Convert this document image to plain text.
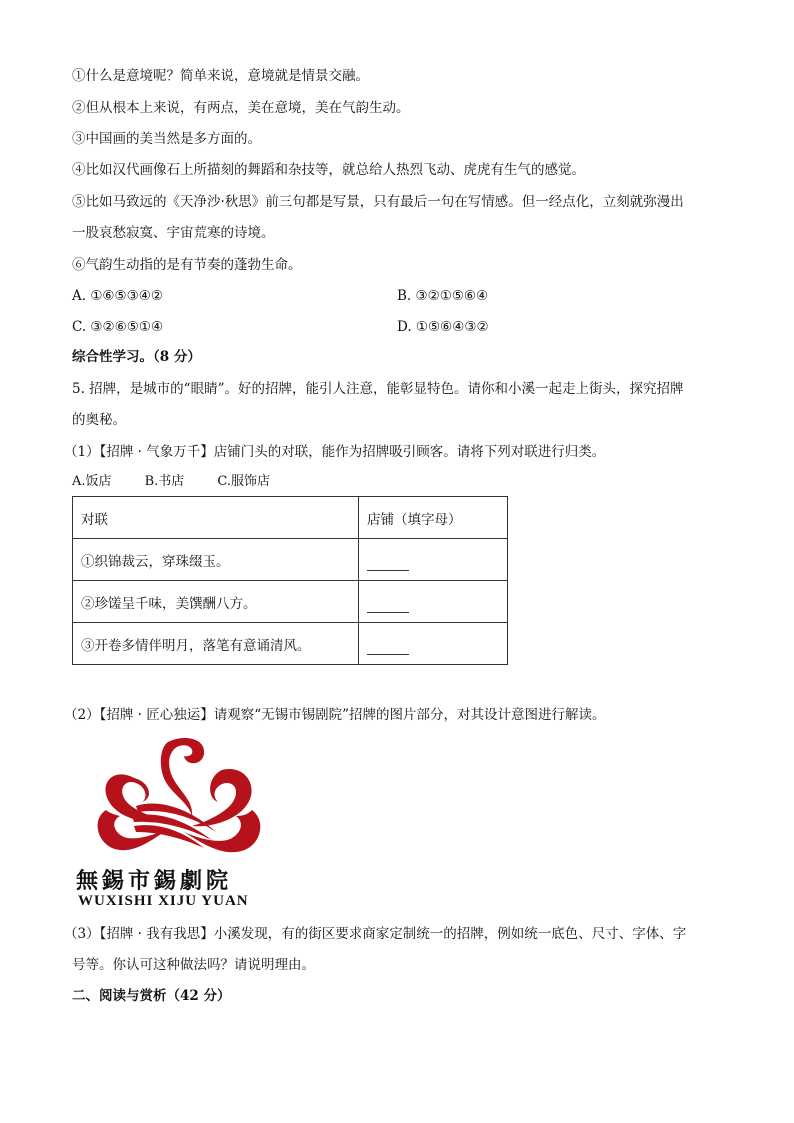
①什么是意境呢？简单来说，意境就是情景交融。
②但从根本上来说，有两点，美在意境，美在气韵生动。
③中国画的美当然是多方面的。
④比如汉代画像石上所描刻的舞蹈和杂技等，就总给人热烈飞动、虎虎有生气的感觉。
⑤比如马致远的《天净沙·秋思》前三句都是写景，只有最后一句在写情感。但一经点化，立刻就弥漫出
一股哀愁寂寞、宇宙荒寒的诗境。
⑥气韵生动指的是有节奏的蓬勃生命。
A. ①⑥⑤③④②	B. ③②①⑤⑥④
C. ③②⑥⑤①④	D. ①⑤⑥④③②
综合性学习。（8 分）
5. 招牌，是城市的“眼睛”。好的招牌，能引人注意，能彰显特色。请你和小溪一起走上街头，探究招牌
的奥秘。
（1）【招牌 · 气象万千】店铺门头的对联，能作为招牌吸引顾客。请将下列对联进行归类。
A.饭店        B.书店        C.服饰店
对联	店铺（填字母）
①织锦裁云，穿珠缀玉。	
②珍馐呈千味，美馔酬八方。	
③开卷多情伴明月，落笔有意诵清风。	
（2）【招牌 · 匠心独运】请观察“无锡市锡剧院”招牌的图片部分，对其设计意图进行解读。
無錫市錫劇院
WUXISHI XIJU YUAN
（3）【招牌 · 我有我思】小溪发现，有的街区要求商家定制统一的招牌，例如统一底色、尺寸、字体、字
号等。你认可这种做法吗？请说明理由。
二、阅读与赏析（42 分）
